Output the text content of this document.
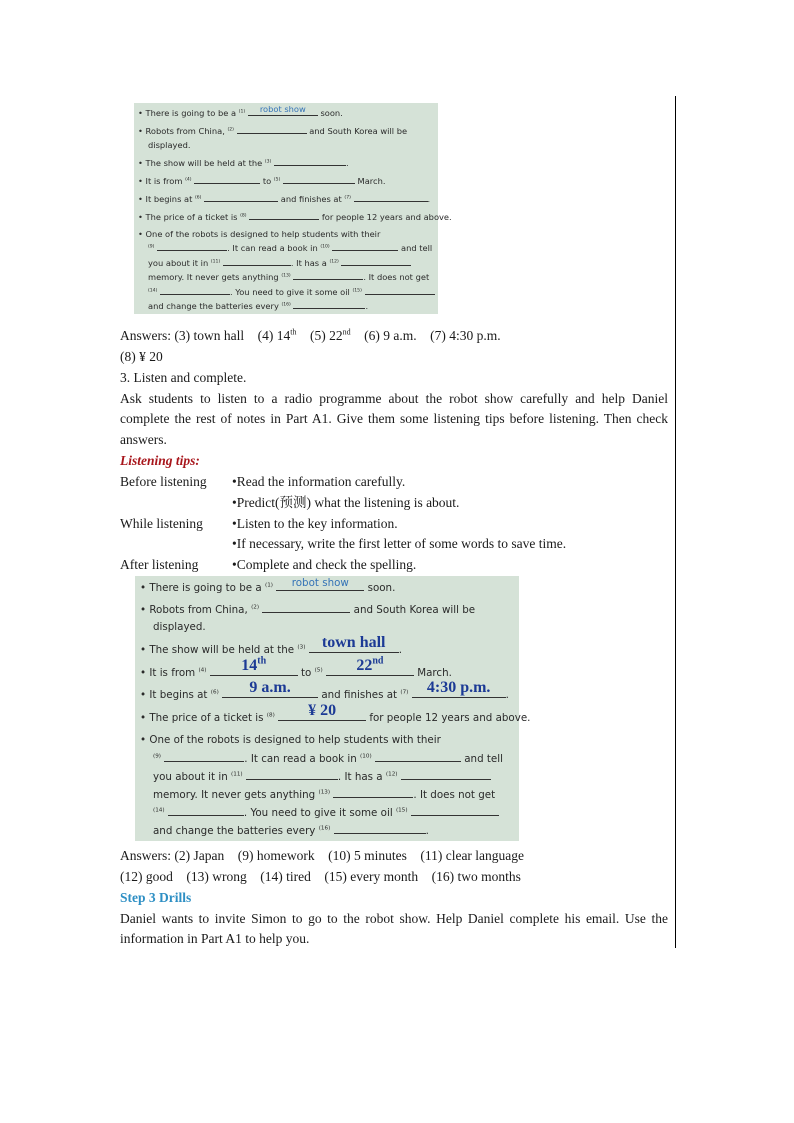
• There is going to be a $^{(1)}$	robot show	soon.
• Robots from China, $^{(2)}$	and South Korea will be
displayed.
• The show will be held at the $^{(3)}$	.
• It is from $^{(4)}$	to $^{(5)}$	March.
• It begins at $^{(6)}$	and finishes at $^{(7)}$	.
• The price of a ticket is $^{(8)}$	for people 12 years and above.
• One of the robots is designed to help students with their
$^{(9)}$	. It can read a book in $^{(10)}$	and tell
you about it in $^{(11)}$	. It has a $^{(12)}$
memory. It never gets anything $^{(13)}$	. It does not get
$^{(14)}$	. You need to give it some oil $^{(15)}$
and change the batteries every $^{(16)}$	.
Answers: (3) town hall (4) 14th (5) 22nd (6) 9 a.m. (7) 4:30 p.m.
(8) ¥ 20
3. Listen and complete.
Ask students to listen to a radio programme about the robot show carefully and help Daniel
complete the rest of notes in Part A1. Give them some listening tips before listening. Then check
answers.
Listening tips:
Before listening •Read the information carefully.
•Predict(预测) what the listening is about.
While listening •Listen to the key information.
•If necessary, write the first letter of some words to save time.
After listening •Complete and check the spelling.
• There is going to be a $^{(1)}$	robot show	soon.
• Robots from China, $^{(2)}$	and South Korea will be
displayed.
• The show will be held at the $^{(3)}$	town hall	.
• It is from $^{(4)}$	14th
to $^{(5)}$	22nd
March.
• It begins at $^{(6)}$	9 a.m.	and finishes at $^{(7)}$	4:30 p.m.	.
• The price of a ticket is $^{(8)}$	¥ 20	for people 12 years and above.
• One of the robots is designed to help students with their
$^{(9)}$	. It can read a book in $^{(10)}$	and tell
you about it in $^{(11)}$	. It has a $^{(12)}$
memory. It never gets anything $^{(13)}$	. It does not get
$^{(14)}$	. You need to give it some oil $^{(15)}$
and change the batteries every $^{(16)}$	.
Answers: (2) Japan (9) homework (10) 5 minutes (11) clear language
(12) good (13) wrong (14) tired (15) every month (16) two months
Step 3 Drills
Daniel wants to invite Simon to go to the robot show. Help Daniel complete his email. Use the
information in Part A1 to help you.
